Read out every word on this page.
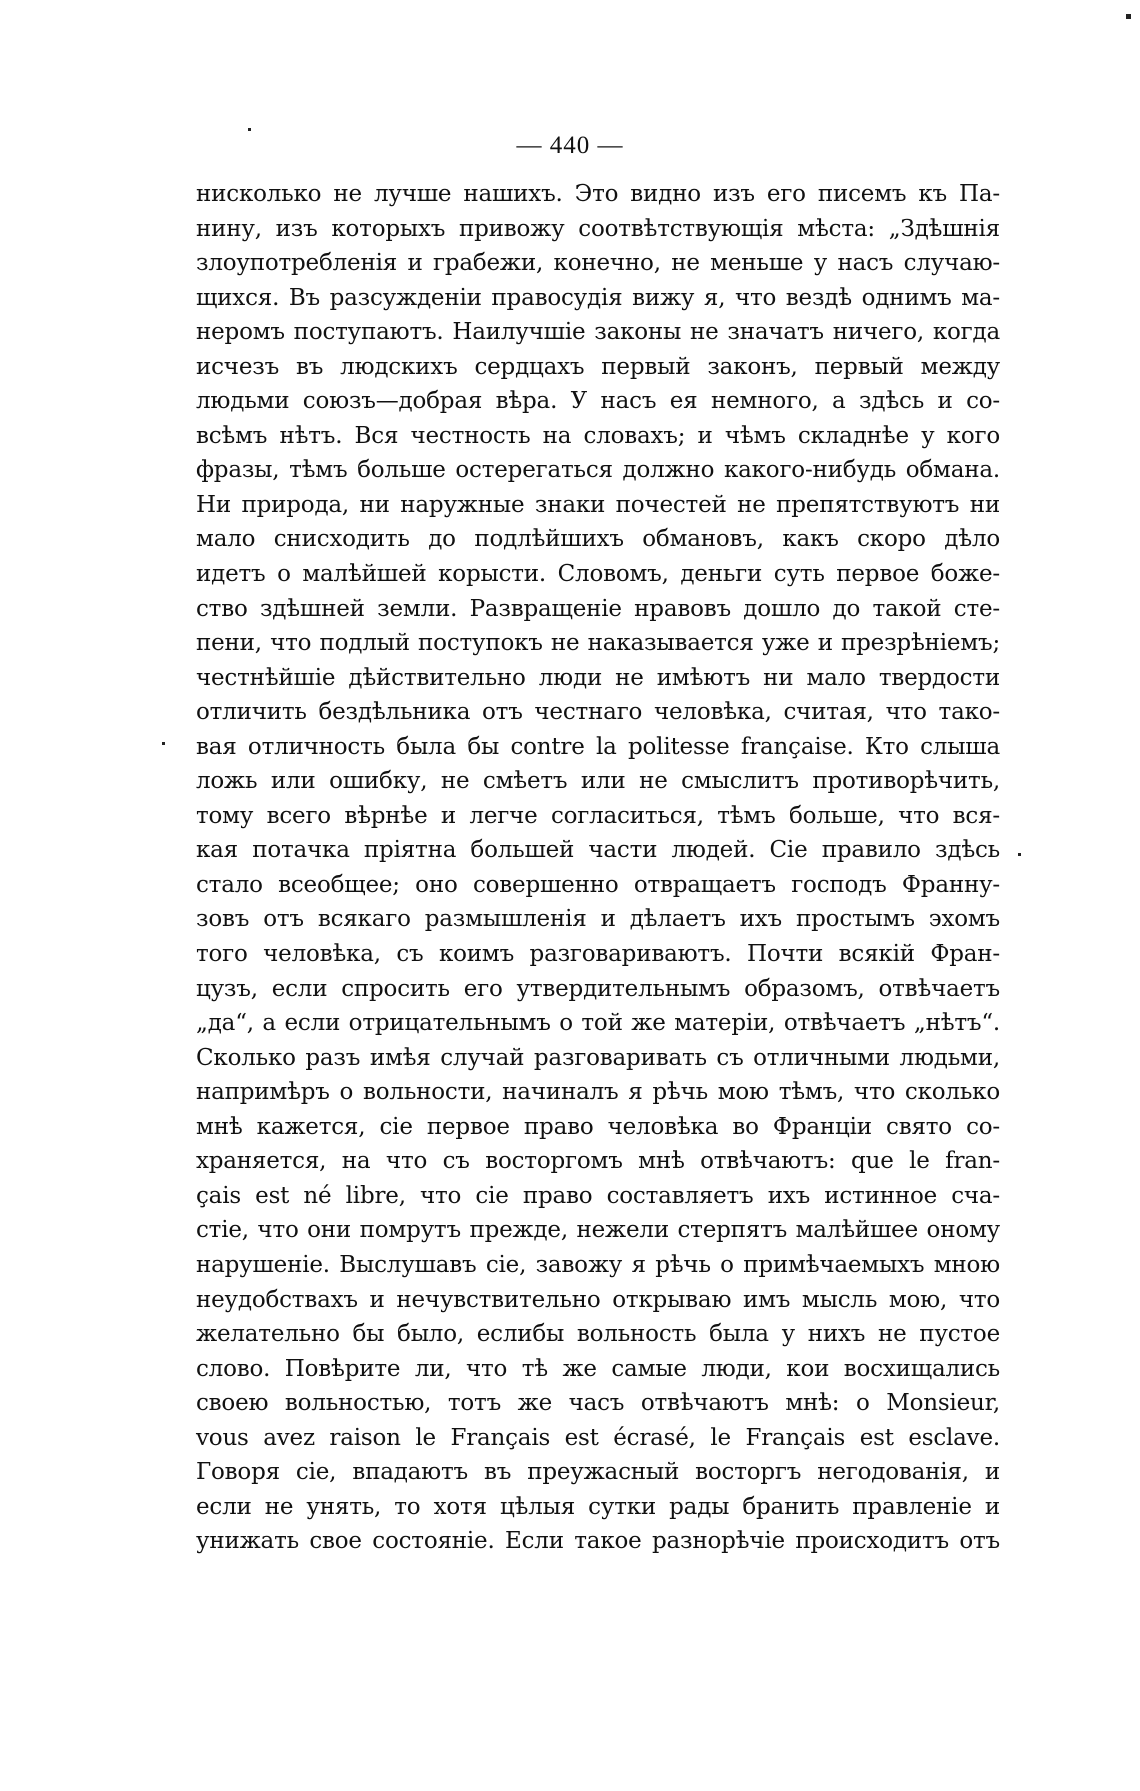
— 440 —
нисколько не лучше нашихъ. Это видно изъ его писемъ къ Па-
нину, изъ которыхъ привожу соотвѣтствующія мѣста: „Здѣшнія
злоупотребленія и грабежи, конечно, не меньше у насъ случаю-
щихся. Въ разсужденіи правосудія вижу я, что вездѣ однимъ ма-
неромъ поступаютъ. Наилучшіе законы не значатъ ничего, когда
исчезъ въ людскихъ сердцахъ первый законъ, первый между
людьми союзъ—добрая вѣра. У насъ ея немного, а здѣсь и со-
всѣмъ нѣтъ. Вся честность на словахъ; и чѣмъ складнѣе у кого
фразы, тѣмъ больше остерегаться должно какого-нибудь обмана.
Ни природа, ни наружные знаки почестей не препятствуютъ ни
мало снисходить до подлѣйшихъ обмановъ, какъ скоро дѣло
идетъ о малѣйшей корысти. Словомъ, деньги суть первое боже-
ство здѣшней земли. Развращеніе нравовъ дошло до такой сте-
пени, что подлый поступокъ не наказывается уже и презрѣніемъ;
честнѣйшіе дѣйствительно люди не имѣютъ ни мало твердости
отличить бездѣльника отъ честнаго человѣка, считая, что тако-
вая отличность была бы contre la politesse française. Кто слыша
ложь или ошибку, не смѣетъ или не смыслитъ противорѣчить,
тому всего вѣрнѣе и легче согласиться, тѣмъ больше, что вся-
кая потачка пріятна большей части людей. Сіе правило здѣсь
стало всеобщее; оно совершенно отвращаетъ господъ Франну-
зовъ отъ всякаго размышленія и дѣлаетъ ихъ простымъ эхомъ
того человѣка, съ коимъ разговариваютъ. Почти всякій Фран-
цузъ, если спросить его утвердительнымъ образомъ, отвѣчаетъ
„да“, а если отрицательнымъ о той же матеріи, отвѣчаетъ „нѣтъ“.
Сколько разъ имѣя случай разговаривать съ отличными людьми,
напримѣръ о вольности, начиналъ я рѣчь мою тѣмъ, что сколько
мнѣ кажется, сіе первое право человѣка во Франціи свято со-
храняется, на что съ восторгомъ мнѣ отвѣчаютъ: que le fran-
çais est né libre, что сіе право составляетъ ихъ истинное сча-
стіе, что они помрутъ прежде, нежели стерпятъ малѣйшее оному
нарушеніе. Выслушавъ сіе, завожу я рѣчь о примѣчаемыхъ мною
неудобствахъ и нечувствительно открываю имъ мысль мою, что
желательно бы было, еслибы вольность была у нихъ не пустое
слово. Повѣрите ли, что тѣ же самые люди, кои восхищались
своею вольностью, тотъ же часъ отвѣчаютъ мнѣ: о Monsieur,
vous avez raison le Français est écrasé, le Français est esclave.
Говоря сіе, впадаютъ въ преужасный восторгъ негодованія, и
если не унять, то хотя цѣлыя сутки рады бранить правленіе и
унижать свое состояніе. Если такое разнорѣчіе происходитъ отъ
